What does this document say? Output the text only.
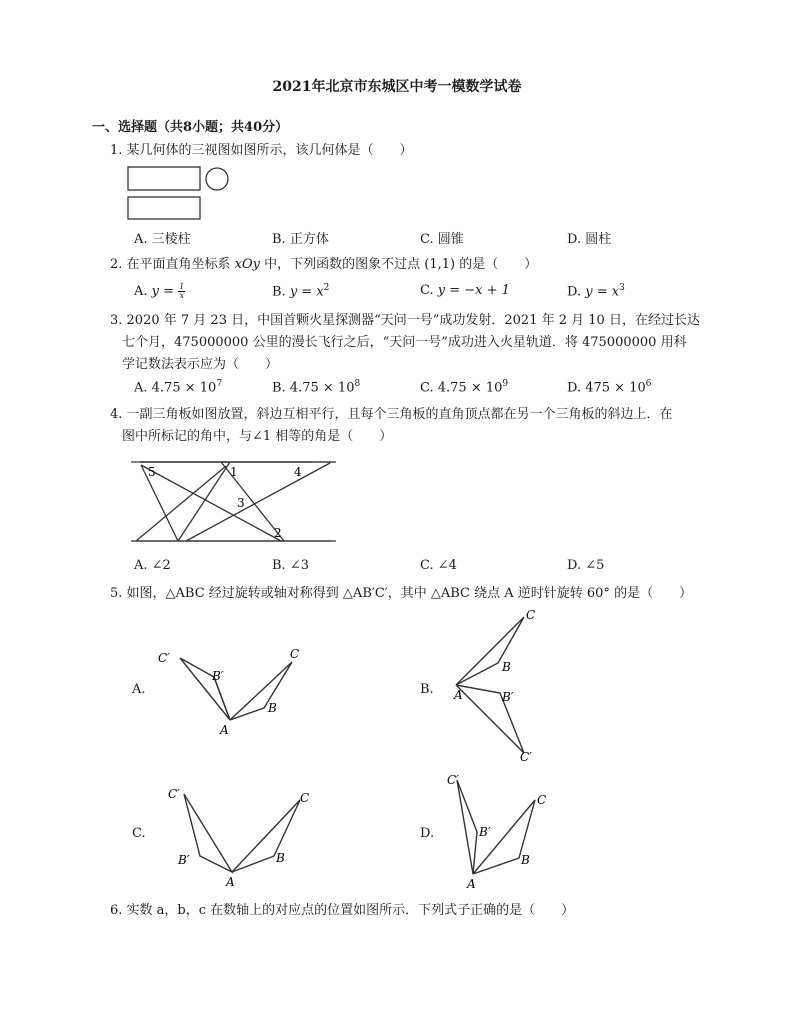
2021年北京市东城区中考一模数学试卷
一、选择题（共8小题；共40分）
1. 某几何体的三视图如图所示，该几何体是（　　）
A. 三棱柱	B. 正方体	C. 圆锥	D. 圆柱
2. 在平面直角坐标系 xOy 中，下列函数的图象不过点 (1,1) 的是（　　）
A. $y = \frac{1}{x}$	B. $y = x^2$	C. y = −x + 1	D. $y = x^3$
3. 2020 年 7 月 23 日，中国首颗火星探测器“天问一号”成功发射．2021 年 2 月 10 日，在经过长达
七个月，475000000 公里的漫长飞行之后，“天问一号”成功进入火星轨道．将 475000000 用科
学记数法表示应为（　　）
A. $4.75 \times 10^7$	B. $4.75 \times 10^8$	C. $4.75 \times 10^9$	D. $475 \times 10^6$
4. 一副三角板如图放置，斜边互相平行，且每个三角板的直角顶点都在另一个三角板的斜边上．在
图中所标记的角中，与∠1 相等的角是（　　）
5	1	4
3
2
A. ∠2	B. ∠3	C. ∠4	D. ∠5
5. 如图，△ABC 经过旋转或轴对称得到 △AB′C′，其中 △ABC 绕点 A 逆时针旋转 60° 的是（　　）
A.
C′
B′
A
B
C
B.
C
B
A	B′
C′
C.
C′
B′
A
B
C
D.
C′
B′
A
B
C
6. 实数 a，b，c 在数轴上的对应点的位置如图所示．下列式子正确的是（　　）
